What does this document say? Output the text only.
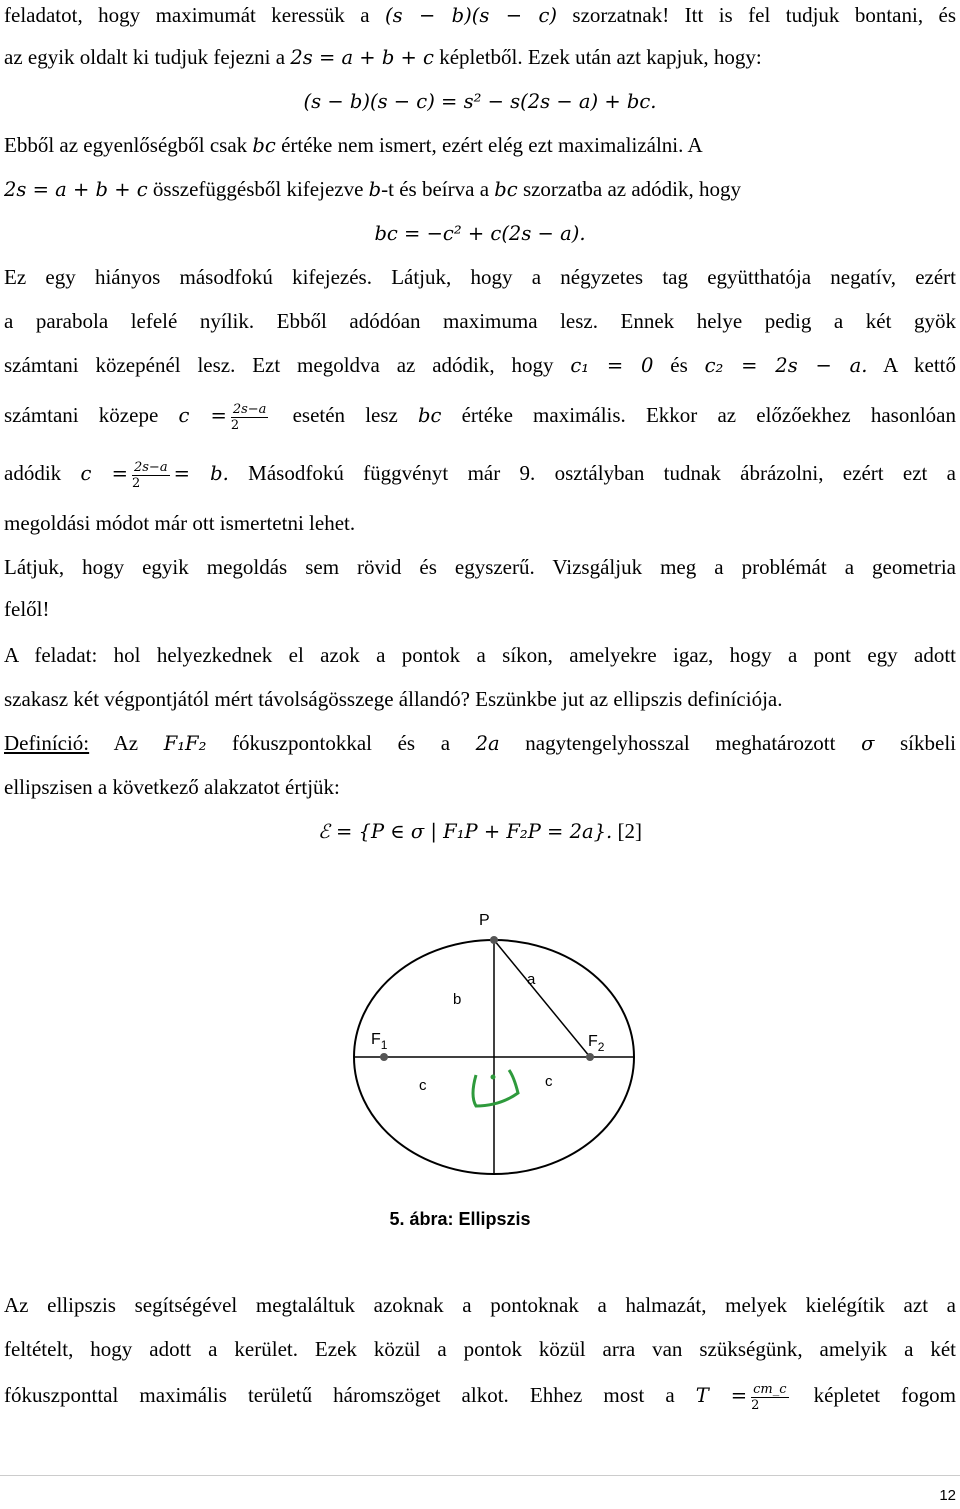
feladatot, hogy maximumát keressük a (s − b)(s − c) szorzatnak! Itt is fel tudjuk bontani, és
az egyik oldalt ki tudjuk fejezni a 2s = a + b + c képletből. Ezek után azt kapjuk, hogy:
(s − b)(s − c) = s² − s(2s − a) + bc.
Ebből az egyenlőségből csak bc értéke nem ismert, ezért elég ezt maximalizálni. A
2s = a + b + c összefüggésből kifejezve b-t és beírva a bc szorzatba az adódik, hogy
bc = −c² + c(2s − a).
Ez egy hiányos másodfokú kifejezés. Látjuk, hogy a négyzetes tag együtthatója negatív, ezért
a parabola lefelé nyílik. Ebből adódóan maximuma lesz. Ennek helye pedig a két gyök
számtani közepénél lesz. Ezt megoldva az adódik, hogy c₁ = 0 és c₂ = 2s − a. A kettő
számtani közepe $c = \frac{2s-a}{2}$ esetén lesz bc értéke maximális. Ekkor az előzőekhez hasonlóan
adódik $c = \frac{2s-a}{2} = b$. Másodfokú függvényt már 9. osztályban tudnak ábrázolni, ezért ezt a
megoldási módot már ott ismertetni lehet.
Látjuk, hogy egyik megoldás sem rövid és egyszerű. Vizsgáljuk meg a problémát a geometria
felől!
A feladat: hol helyezkednek el azok a pontok a síkon, amelyekre igaz, hogy a pont egy adott
szakasz két végpontjától mért távolságösszege állandó? Eszünkbe jut az ellipszis definíciója.
Definíció: Az F₁F₂ fókuszpontokkal és a 2a nagytengelyhosszal meghatározott σ síkbeli
ellipszisen a következő alakzatot értjük:
ℰ = {P ∈ σ | F₁P + F₂P = 2a}. [2]
P
a
b
c	c
$F_1$	$F_2$
5. ábra: Ellipszis
Az ellipszis segítségével megtaláltuk azoknak a pontoknak a halmazát, melyek kielégítik azt a
feltételt, hogy adott a kerület. Ezek közül a pontok közül arra van szükségünk, amelyik a két
fókuszponttal maximális területű háromszöget alkot. Ehhez most a $T = \frac{cm\_c}{2}$ képletet fogom
12
